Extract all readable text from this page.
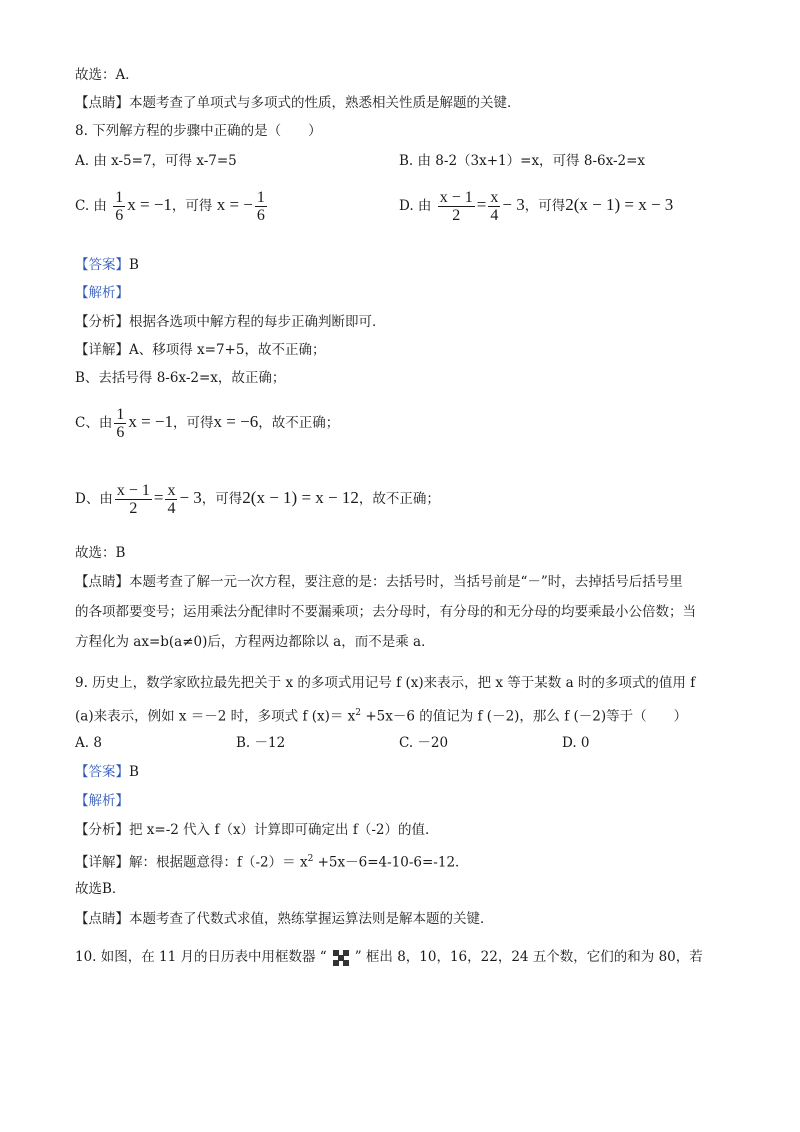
故选：A．
【点睛】本题考查了单项式与多项式的性质，熟悉相关性质是解题的关键．
8. 下列解方程的步骤中正确的是（　　）
A. 由 x-5=7，可得 x-7=5	B. 由 8-2（3x+1）=x，可得 8-6x-2=x
C. 由 $\frac{1}{6}$ x = −1，可得 x = − $\frac{1}{6}$	D. 由 $\frac{x - 1}{2} = \frac{x}{4} - 3$，可得2(x − 1) = x − 3
【答案】B
【解析】
【分析】根据各选项中解方程的每步正确判断即可．
【详解】A、移项得 x=7+5，故不正确；
B、去括号得 8-6x-2=x，故正确；
C、由 $\frac{1}{6}$ x = −1，可得x = −6，故不正确；
D、由 $\frac{x - 1}{2} = \frac{x}{4} - 3$，可得2(x − 1) = x − 12，故不正确；
故选：B
【点睛】本题考查了解一元一次方程，要注意的是：去括号时，当括号前是“－”时，去掉括号后括号里
的各项都要变号；运用乘法分配律时不要漏乘项；去分母时，有分母的和无分母的均要乘最小公倍数；当
方程化为 ax=b(a≠0)后，方程两边都除以 a，而不是乘 a．
9. 历史上，数学家欧拉最先把关于 x 的多项式用记号 f (x)来表示，把 x 等于某数 a 时的多项式的值用 f
(a)来表示，例如 x ＝－2 时，多项式 f $(x)= x^2 +5x-6$ 的值记为 f (－2)，那么 f (－2)等于（　　）
A. 8	B. －12	C. －20	D. 0
【答案】B
【解析】
【分析】把 x=-2 代入 f（x）计算即可确定出 f（-2）的值．
【详解】解：根据题意得：$f(-2)= x^2 +5x-6=4-10-6=-12$．
故选B．
【点睛】本题考查了代数式求值，熟练掌握运算法则是解本题的关键．
10. 如图，在 11 月的日历表中用框数器 “ ” 框出 8，10，16，22，24 五个数，它们的和为 80，若
